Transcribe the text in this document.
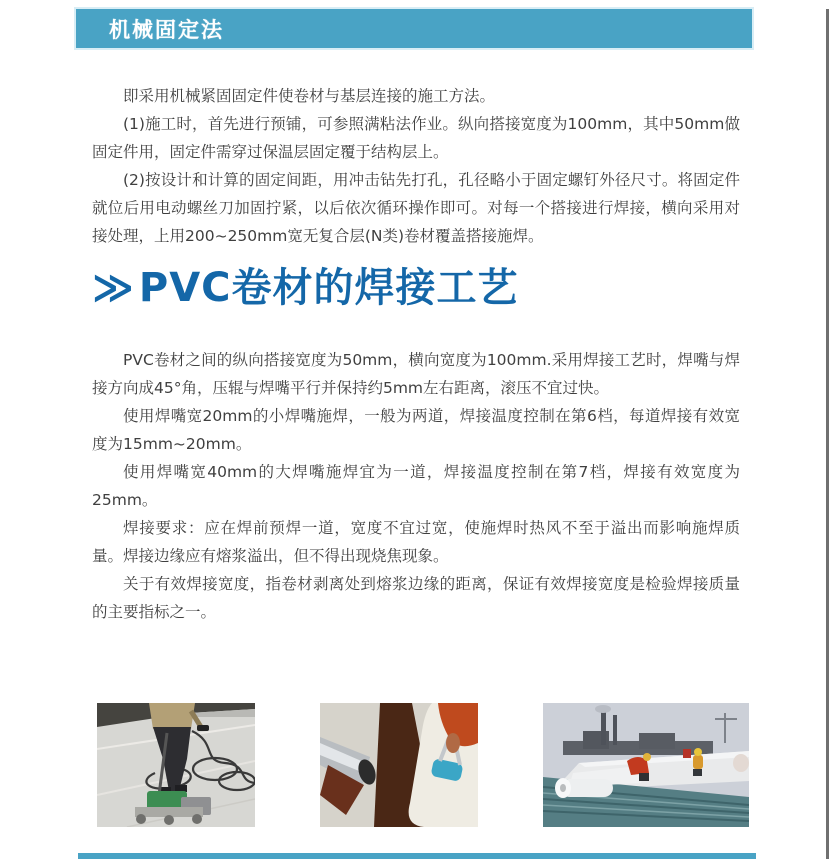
机械固定法

即采用机械紧固固定件使卷材与基层连接的施工方法。

(1)施工时，首先进行预铺，可参照满粘法作业。纵向搭接宽度为100mm，其中50mm做固定件用，固定件需穿过保温层固定覆于结构层上。

(2)按设计和计算的固定间距，用冲击钻先打孔，孔径略小于固定螺钉外径尺寸。将固定件就位后用电动螺丝刀加固拧紧，以后依次循环操作即可。对每一个搭接进行焊接，横向采用对接处理，上用200~250mm宽无复合层(N类)卷材覆盖搭接施焊。

≫ PVC卷材的焊接工艺

PVC卷材之间的纵向搭接宽度为50mm，横向宽度为100mm.采用焊接工艺时，焊嘴与焊接方向成45°角，压辊与焊嘴平行并保持约5mm左右距离，滚压不宜过快。

使用焊嘴宽20mm的小焊嘴施焊，一般为两道，焊接温度控制在第6档，每道焊接有效宽度为15mm~20mm。

使用焊嘴宽40mm的大焊嘴施焊宜为一道，焊接温度控制在第7档，焊接有效宽度为25mm。

焊接要求：应在焊前预焊一道，宽度不宜过宽，使施焊时热风不至于溢出而影响施焊质量。焊接边缘应有熔浆溢出，但不得出现烧焦现象。

关于有效焊接宽度，指卷材剥离处到熔浆边缘的距离，保证有效焊接宽度是检验焊接质量的主要指标之一。
